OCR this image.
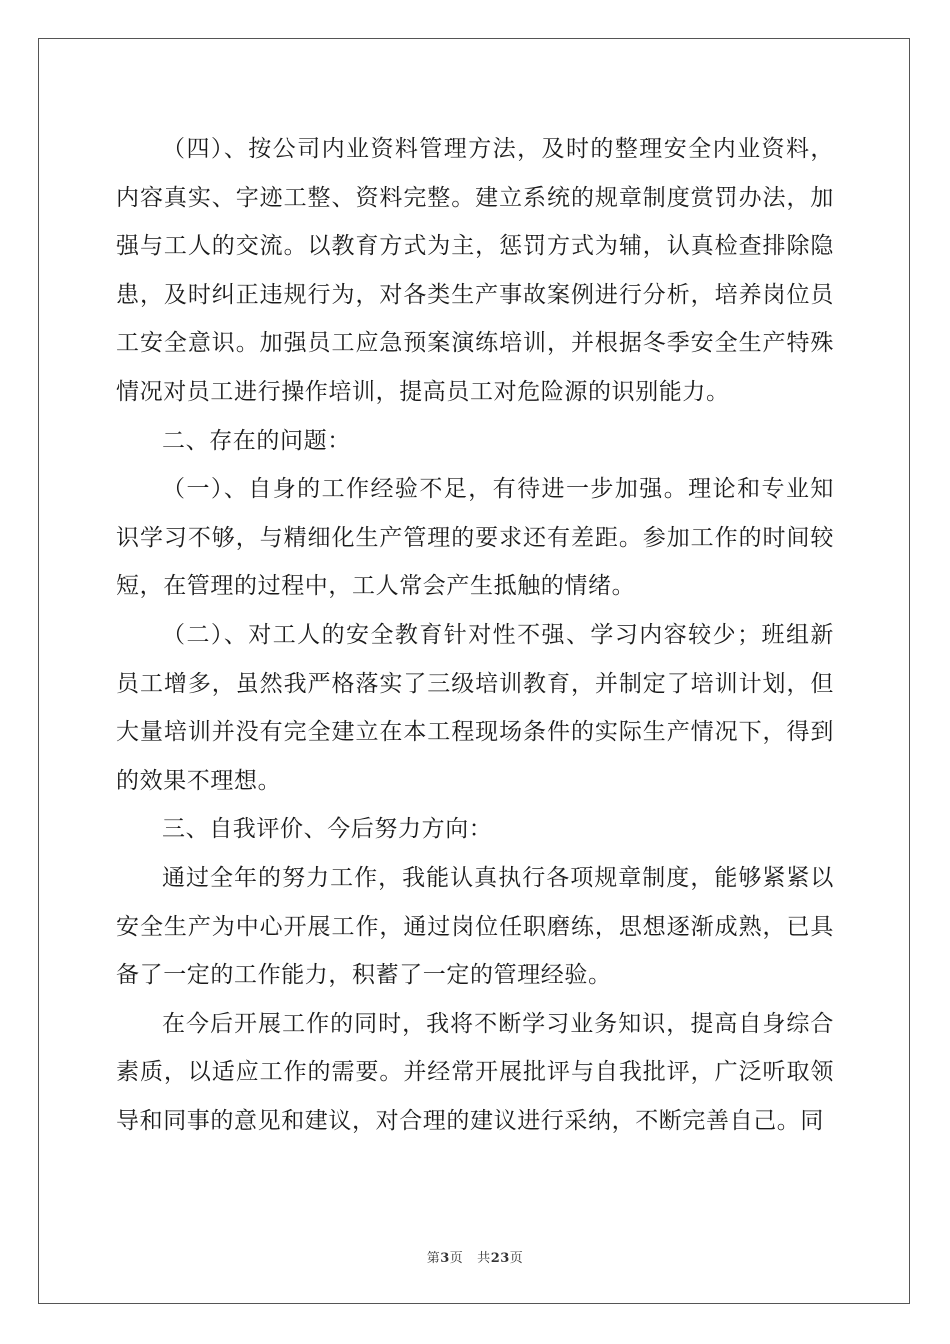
（四）、按公司内业资料管理方法，及时的整理安全内业资料，内容真实、字迹工整、资料完整。建立系统的规章制度赏罚办法，加强与工人的交流。以教育方式为主，惩罚方式为辅，认真检查排除隐患，及时纠正违规行为，对各类生产事故案例进行分析，培养岗位员工安全意识。加强员工应急预案演练培训，并根据冬季安全生产特殊情况对员工进行操作培训，提高员工对危险源的识别能力。

二、存在的问题：

（一）、自身的工作经验不足，有待进一步加强。理论和专业知识学习不够，与精细化生产管理的要求还有差距。参加工作的时间较短，在管理的过程中，工人常会产生抵触的情绪。

（二）、对工人的安全教育针对性不强、学习内容较少；班组新员工增多，虽然我严格落实了三级培训教育，并制定了培训计划，但大量培训并没有完全建立在本工程现场条件的实际生产情况下，得到的效果不理想。

三、自我评价、今后努力方向：

通过全年的努力工作，我能认真执行各项规章制度，能够紧紧以安全生产为中心开展工作，通过岗位任职磨练，思想逐渐成熟，已具备了一定的工作能力，积蓄了一定的管理经验。

在今后开展工作的同时，我将不断学习业务知识，提高自身综合素质，以适应工作的需要。并经常开展批评与自我批评，广泛听取领导和同事的意见和建议，对合理的建议进行采纳，不断完善自己。同

第3页 共23页
